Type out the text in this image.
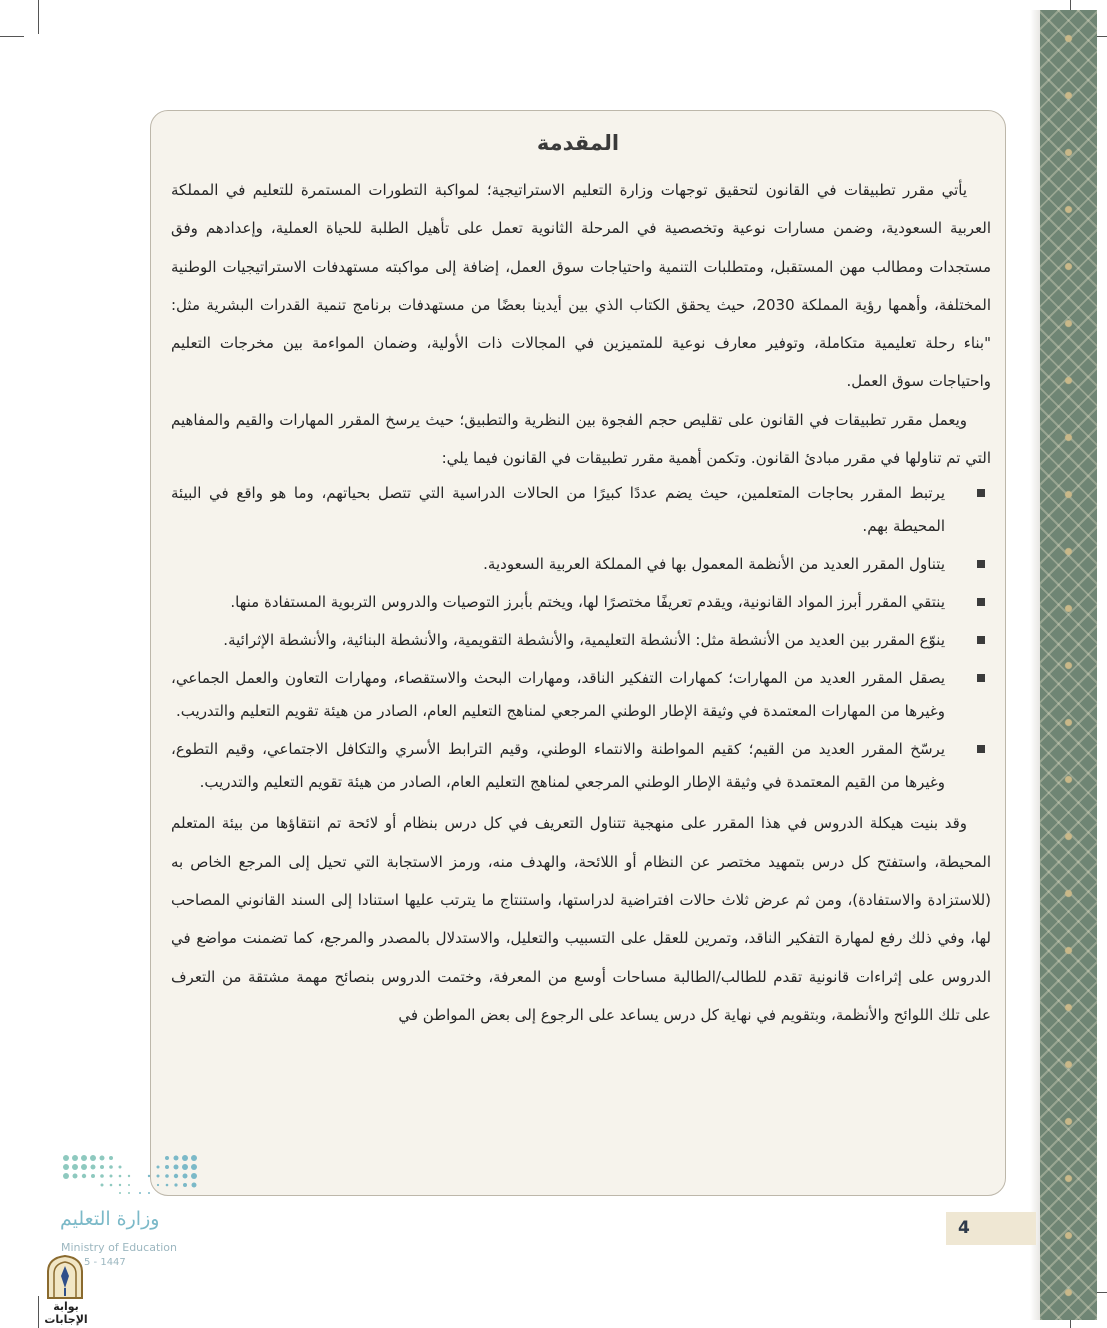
المقدمة

يأتي مقرر تطبيقات في القانون لتحقيق توجهات وزارة التعليم الاستراتيجية؛ لمواكبة التطورات المستمرة للتعليم في المملكة العربية السعودية، وضمن مسارات نوعية وتخصصية في المرحلة الثانوية تعمل على تأهيل الطلبة للحياة العملية، وإعدادهم وفق مستجدات ومطالب مهن المستقبل، ومتطلبات التنمية واحتياجات سوق العمل، إضافة إلى مواكبته مستهدفات الاستراتيجيات الوطنية المختلفة، وأهمها رؤية المملكة 2030، حيث يحقق الكتاب الذي بين أيدينا بعضًا من مستهدفات برنامج تنمية القدرات البشرية مثل: "بناء رحلة تعليمية متكاملة، وتوفير معارف نوعية للمتميزين في المجالات ذات الأولية، وضمان المواءمة بين مخرجات التعليم واحتياجات سوق العمل.

ويعمل مقرر تطبيقات في القانون على تقليص حجم الفجوة بين النظرية والتطبيق؛ حيث يرسخ المقرر المهارات والقيم والمفاهيم التي تم تناولها في مقرر مبادئ القانون. وتكمن أهمية مقرر تطبيقات في القانون فيما يلي:

يرتبط المقرر بحاجات المتعلمين، حيث يضم عددًا كبيرًا من الحالات الدراسية التي تتصل بحياتهم، وما هو واقع في البيئة المحيطة بهم.
يتناول المقرر العديد من الأنظمة المعمول بها في المملكة العربية السعودية.
ينتقي المقرر أبرز المواد القانونية، ويقدم تعريفًا مختصرًا لها، ويختم بأبرز التوصيات والدروس التربوية المستفادة منها.
ينوّع المقرر بين العديد من الأنشطة مثل: الأنشطة التعليمية، والأنشطة التقويمية، والأنشطة البنائية، والأنشطة الإثرائية.
يصقل المقرر العديد من المهارات؛ كمهارات التفكير الناقد، ومهارات البحث والاستقصاء، ومهارات التعاون والعمل الجماعي، وغيرها من المهارات المعتمدة في وثيقة الإطار الوطني المرجعي لمناهج التعليم العام، الصادر من هيئة تقويم التعليم والتدريب.
يرسّخ المقرر العديد من القيم؛ كقيم المواطنة والانتماء الوطني، وقيم الترابط الأسري والتكافل الاجتماعي، وقيم التطوع، وغيرها من القيم المعتمدة في وثيقة الإطار الوطني المرجعي لمناهج التعليم العام، الصادر من هيئة تقويم التعليم والتدريب.

وقد بنيت هيكلة الدروس في هذا المقرر على منهجية تتناول التعريف في كل درس بنظام أو لائحة تم انتقاؤها من بيئة المتعلم المحيطة، واستفتح كل درس بتمهيد مختصر عن النظام أو اللائحة، والهدف منه، ورمز الاستجابة التي تحيل إلى المرجع الخاص به (للاستزادة والاستفادة)، ومن ثم عرض ثلاث حالات افتراضية لدراستها، واستنتاج ما يترتب عليها استنادا إلى السند القانوني المصاحب لها، وفي ذلك رفع لمهارة التفكير الناقد، وتمرين للعقل على التسبيب والتعليل، والاستدلال بالمصدر والمرجع، كما تضمنت مواضع في الدروس على إثراءات قانونية تقدم للطالب/الطالبة مساحات أوسع من المعرفة، وختمت الدروس بنصائح مهمة مشتقة من التعرف على تلك اللوائح والأنظمة، وبتقويم في نهاية كل درس يساعد على الرجوع إلى بعض المواطن في

4
وزارة التعليم
Ministry of Education
5 - 1447
بوابة الإجابات
